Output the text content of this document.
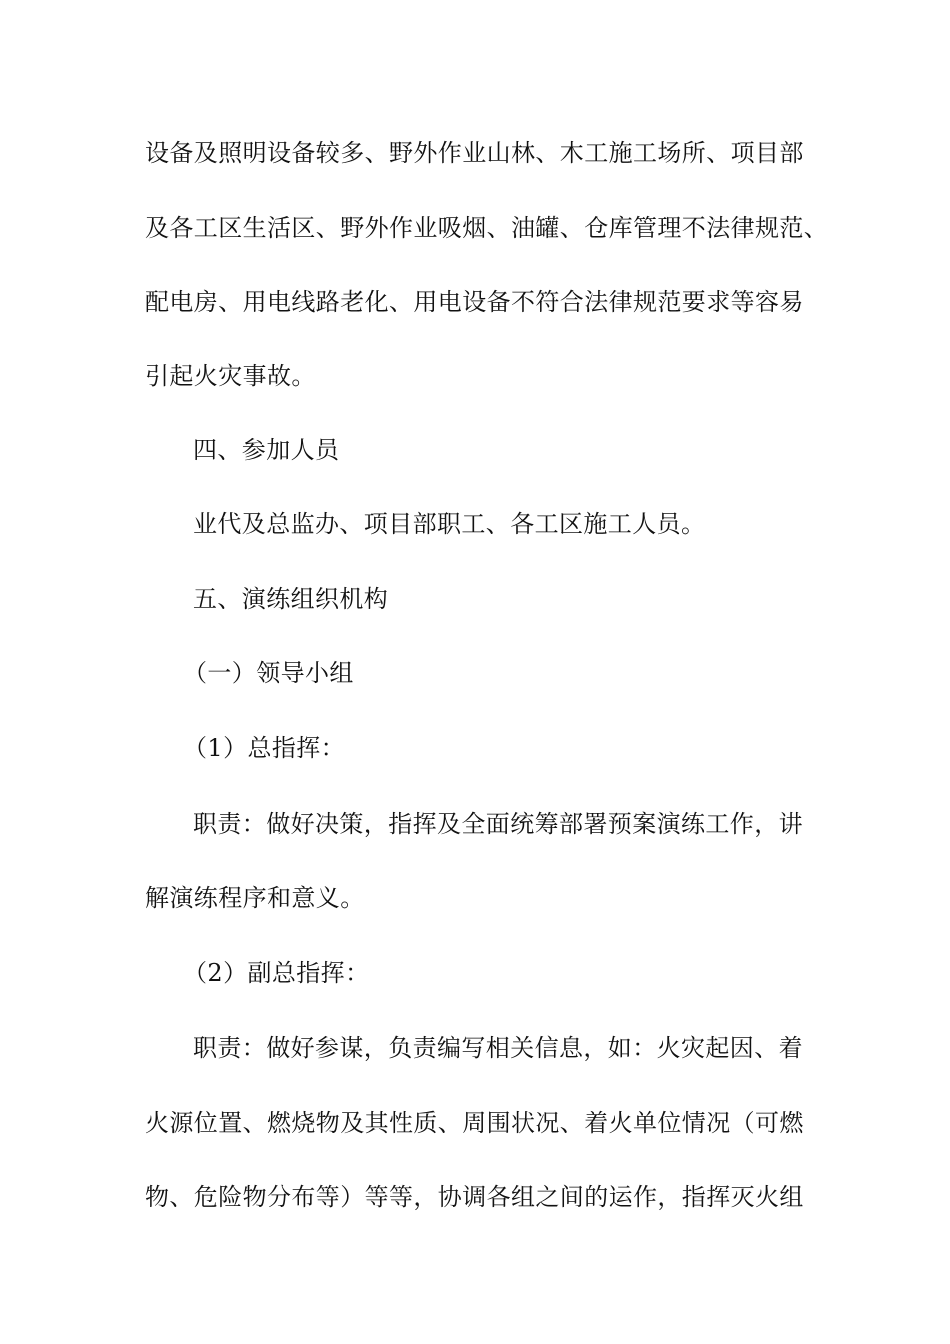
设备及照明设备较多、野外作业山林、木工施工场所、项目部
及各工区生活区、野外作业吸烟、油罐、仓库管理不法律规范、
配电房、用电线路老化、用电设备不符合法律规范要求等容易
引起火灾事故。
四、参加人员
业代及总监办、项目部职工、各工区施工人员。
五、演练组织机构
（一）领导小组
（1）总指挥：
职责：做好决策，指挥及全面统筹部署预案演练工作，讲
解演练程序和意义。
（2）副总指挥：
职责：做好参谋，负责编写相关信息，如：火灾起因、着
火源位置、燃烧物及其性质、周围状况、着火单位情况（可燃
物、危险物分布等）等等，协调各组之间的运作，指挥灭火组
